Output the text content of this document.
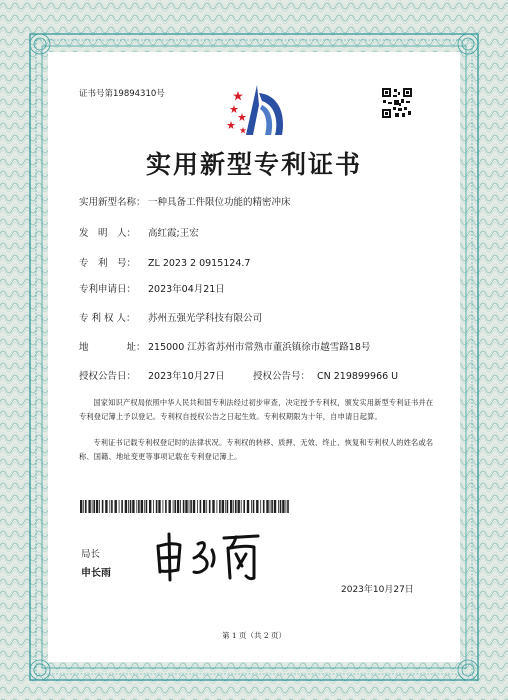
证书号第19894310号
实用新型专利证书
实用新型名称： 一种具备工件限位功能的精密冲床
发　明　人： 高红霞;王宏
专　利　号： ZL 2023 2 0915124.7
专利申请日： 2023年04月21日
专 利 权 人： 苏州五强光学科技有限公司
地　　　　址： 215000 江苏省苏州市常熟市董浜镇徐市越雪路18号
授权公告日： 2023年10月27日	授权公告号： CN 219899966 U
国家知识产权局依照中华人民共和国专利法经过初步审查，决定授予专利权，颁发实用新型专利证书并在专利登记簿上予以登记。专利权自授权公告之日起生效。专利权期限为十年，自申请日起算。
专利证书记载专利权登记时的法律状况。专利权的转移、质押、无效、终止、恢复和专利权人的姓名或名称、国籍、地址变更等事项记载在专利登记簿上。
局长
申长雨
2023年10月27日
第 1 页（共 2 页）
